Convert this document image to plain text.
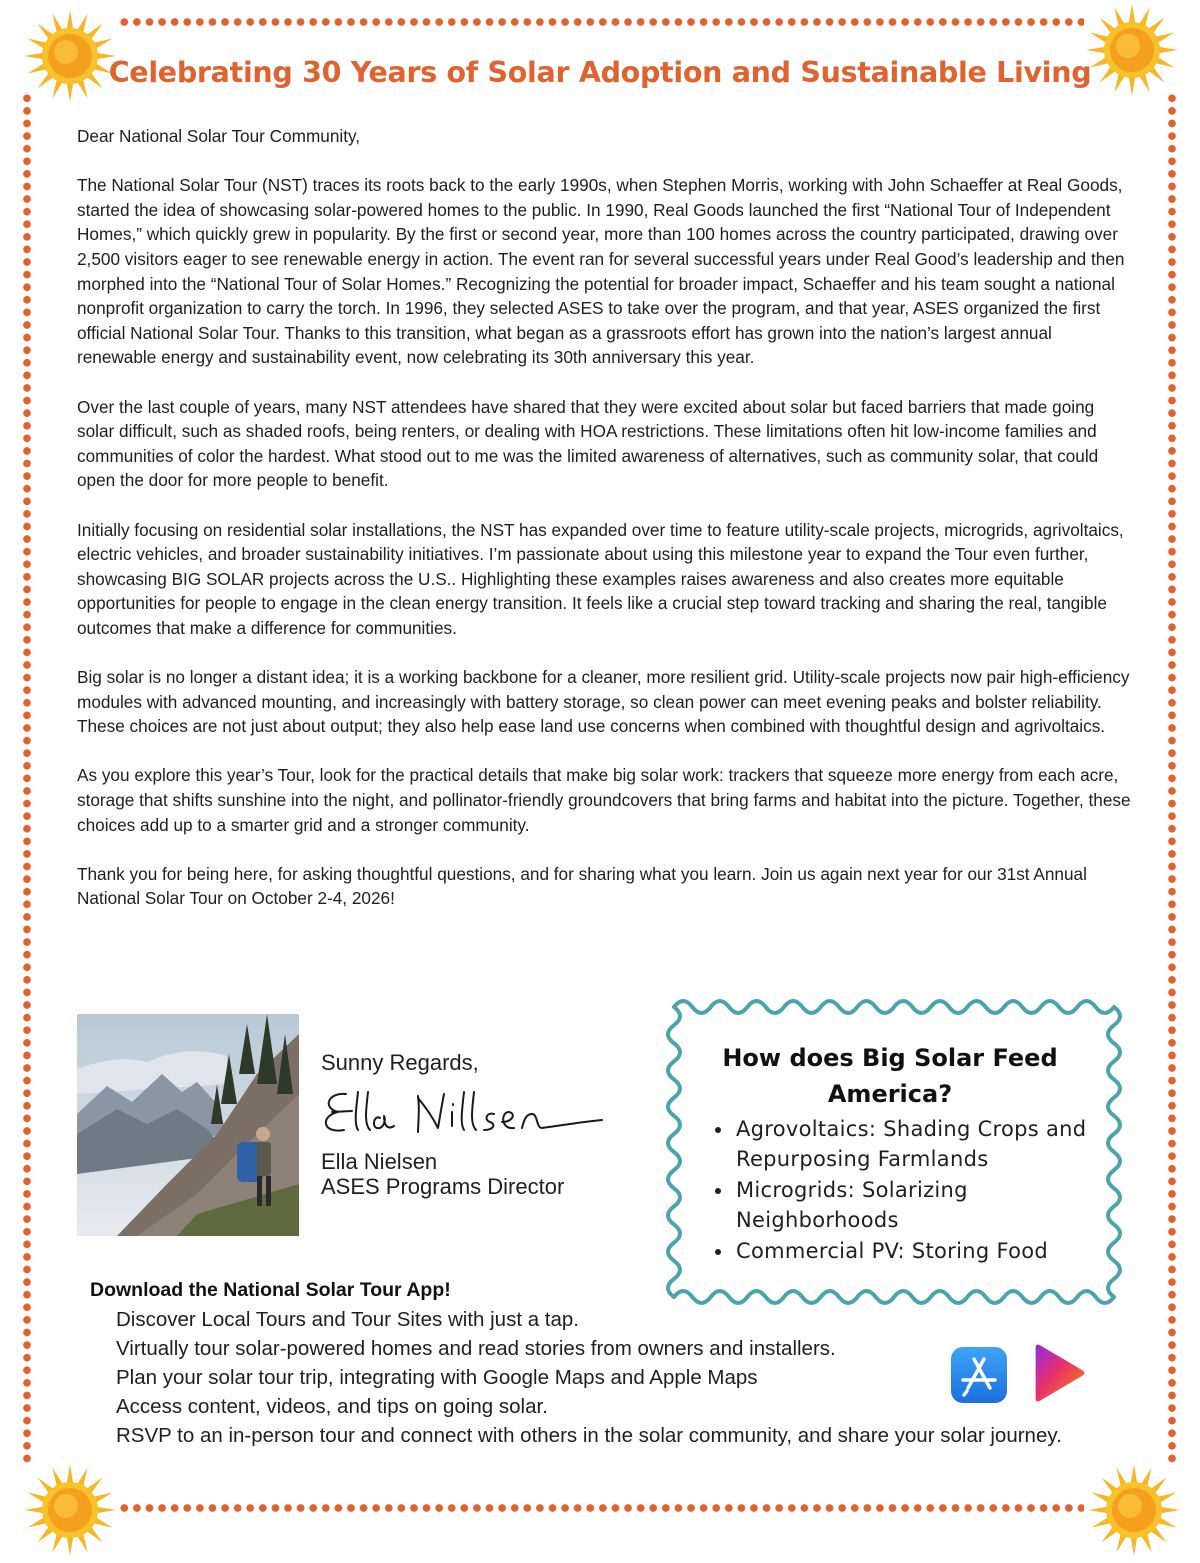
Celebrating 30 Years of Solar Adoption and Sustainable Living

Dear National Solar Tour Community,

The National Solar Tour (NST) traces its roots back to the early 1990s, when Stephen Morris, working with John Schaeffer at Real Goods, started the idea of showcasing solar-powered homes to the public. In 1990, Real Goods launched the first “National Tour of Independent Homes,” which quickly grew in popularity. By the first or second year, more than 100 homes across the country participated, drawing over 2,500 visitors eager to see renewable energy in action. The event ran for several successful years under Real Good’s leadership and then morphed into the “National Tour of Solar Homes.” Recognizing the potential for broader impact, Schaeffer and his team sought a national nonprofit organization to carry the torch. In 1996, they selected ASES to take over the program, and that year, ASES organized the first official National Solar Tour. Thanks to this transition, what began as a grassroots effort has grown into the nation’s largest annual renewable energy and sustainability event, now celebrating its 30th anniversary this year.

Over the last couple of years, many NST attendees have shared that they were excited about solar but faced barriers that made going solar difficult, such as shaded roofs, being renters, or dealing with HOA restrictions. These limitations often hit low-income families and communities of color the hardest. What stood out to me was the limited awareness of alternatives, such as community solar, that could open the door for more people to benefit.

Initially focusing on residential solar installations, the NST has expanded over time to feature utility-scale projects, microgrids, agrivoltaics, electric vehicles, and broader sustainability initiatives. I’m passionate about using this milestone year to expand the Tour even further, showcasing BIG SOLAR projects across the U.S.. Highlighting these examples raises awareness and also creates more equitable opportunities for people to engage in the clean energy transition. It feels like a crucial step toward tracking and sharing the real, tangible outcomes that make a difference for communities.

Big solar is no longer a distant idea; it is a working backbone for a cleaner, more resilient grid. Utility-scale projects now pair high-efficiency modules with advanced mounting, and increasingly with battery storage, so clean power can meet evening peaks and bolster reliability. These choices are not just about output; they also help ease land use concerns when combined with thoughtful design and agrivoltaics.

As you explore this year’s Tour, look for the practical details that make big solar work: trackers that squeeze more energy from each acre, storage that shifts sunshine into the night, and pollinator-friendly groundcovers that bring farms and habitat into the picture. Together, these choices add up to a smarter grid and a stronger community.

Thank you for being here, for asking thoughtful questions, and for sharing what you learn. Join us again next year for our 31st Annual National Solar Tour on October 2-4, 2026!

Sunny Regards,
Ella Nielsen
ASES Programs Director
How does Big Solar Feed America?
• Agrovoltaics: Shading Crops and Repurposing Farmlands
• Microgrids: Solarizing Neighborhoods
• Commercial PV: Storing Food
Download the National Solar Tour App!
Discover Local Tours and Tour Sites with just a tap.
Virtually tour solar-powered homes and read stories from owners and installers.
Plan your solar tour trip, integrating with Google Maps and Apple Maps
Access content, videos, and tips on going solar.
RSVP to an in-person tour and connect with others in the solar community, and share your solar journey.
